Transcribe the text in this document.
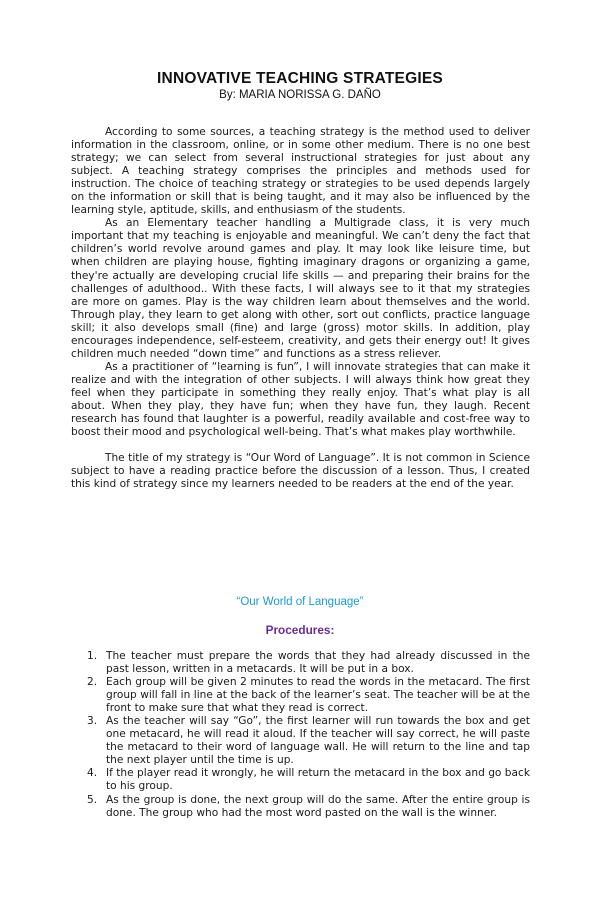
INNOVATIVE TEACHING STRATEGIES
By: MARIA NORISSA G. DAÑO

According to some sources, a teaching strategy is the method used to deliver information in the classroom, online, or in some other medium. There is no one best strategy; we can select from several instructional strategies for just about any subject. A teaching strategy comprises the principles and methods used for instruction. The choice of teaching strategy or strategies to be used depends largely on the information or skill that is being taught, and it may also be influenced by the learning style, aptitude, skills, and enthusiasm of the students.

As an Elementary teacher handling a Multigrade class, it is very much important that my teaching is enjoyable and meaningful. We can’t deny the fact that children’s world revolve around games and play. It may look like leisure time, but when children are playing house, fighting imaginary dragons or organizing a game, they're actually are developing crucial life skills — and preparing their brains for the challenges of adulthood.. With these facts, I will always see to it that my strategies are more on games. Play is the way children learn about themselves and the world. Through play, they learn to get along with other, sort out conflicts, practice language skill; it also develops small (fine) and large (gross) motor skills. In addition, play encourages independence, self-esteem, creativity, and gets their energy out! It gives children much needed “down time” and functions as a stress reliever.

As a practitioner of “learning is fun”, I will innovate strategies that can make it realize and with the integration of other subjects. I will always think how great they feel when they participate in something they really enjoy. That’s what play is all about. When they play, they have fun; when they have fun, they laugh. Recent research has found that laughter is a powerful, readily available and cost-free way to boost their mood and psychological well-being. That’s what makes play worthwhile.

The title of my strategy is “Our Word of Language”. It is not common in Science subject to have a reading practice before the discussion of a lesson. Thus, I created this kind of strategy since my learners needed to be readers at the end of the year.

“Our World of Language”
Procedures:
1. The teacher must prepare the words that they had already discussed in the past lesson, written in a metacards. It will be put in a box.
2. Each group will be given 2 minutes to read the words in the metacard. The first group will fall in line at the back of the learner’s seat. The teacher will be at the front to make sure that what they read is correct.
3. As the teacher will say “Go”, the first learner will run towards the box and get one metacard, he will read it aloud. If the teacher will say correct, he will paste the metacard to their word of language wall. He will return to the line and tap the next player until the time is up.
4. If the player read it wrongly, he will return the metacard in the box and go back to his group.
5. As the group is done, the next group will do the same. After the entire group is done. The group who had the most word pasted on the wall is the winner.
